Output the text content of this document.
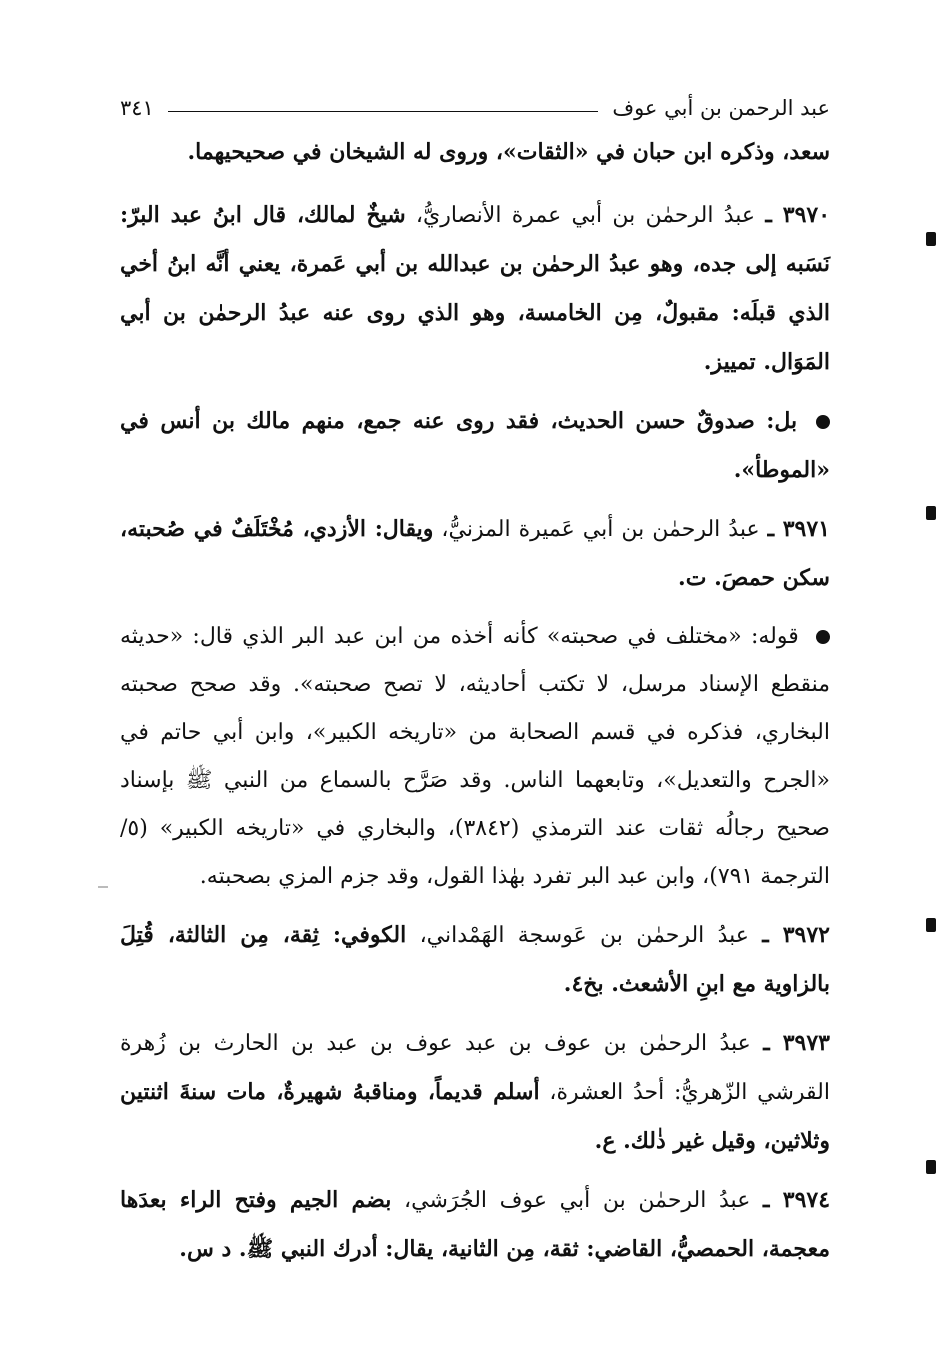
عبد الرحمن بن أبي عوف
٣٤١

سعد، وذكره ابن حبان في «الثقات»، وروى له الشيخان في صحيحيهما.

٣٩٧٠ ـ عبدُ الرحمٰن بن أبي عمرة الأنصاريُّ، شيخٌ لمالك، قال ابنُ عبد البرّ: نَسَبه إلى جده، وهو عبدُ الرحمٰن بن عبدالله بن أبي عَمرة، يعني أنَّه ابنُ أخي الذي قبلَه: مقبولٌ، مِن الخامسة، وهو الذي روى عنه عبدُ الرحمٰن بن أبي المَوَال. تمييز.

بل: صدوقٌ حسن الحديث، فقد روى عنه جمع، منهم مالك بن أنس في «الموطأ».

٣٩٧١ ـ عبدُ الرحمٰن بن أبي عَميرة المزنيُّ، ويقال: الأزدي، مُخْتَلَفٌ في صُحبته، سكن حمصَ. ت.

قوله: «مختلف في صحبته» كأنه أخذه من ابن عبد البر الذي قال: «حديثه منقطع الإسناد مرسل، لا تكتب أحاديثه، لا تصح صحبته». وقد صحح صحبته البخاري، فذكره في قسم الصحابة من «تاريخه الكبير»، وابن أبي حاتم في «الجرح والتعديل»، وتابعهما الناس. وقد صَرَّح بالسماع من النبي ﷺ بإسناد صحيح رجالُه ثقات عند الترمذي (٣٨٤٢)، والبخاري في «تاريخه الكبير» (٥/ الترجمة ٧٩١)، وابن عبد البر تفرد بهٰذا القول، وقد جزم المزي بصحبته.

٣٩٧٢ ـ عبدُ الرحمٰن بن عَوسجة الهَمْداني، الكوفي: ثِقة، مِن الثالثة، قُتِلَ بالزاوية مع ابنِ الأشعث. بخ٤.

٣٩٧٣ ـ عبدُ الرحمٰن بن عوف بن عبد عوف بن عبد بن الحارث بن زُهرة القرشي الزّهريُّ: أحدُ العشرة، أسلم قديماً، ومناقبهُ شهيرةٌ، مات سنةَ اثنتين وثلاثين، وقيل غير ذٰلك. ع.

٣٩٧٤ ـ عبدُ الرحمٰن بن أبي عوف الجُرَشي، بضم الجيم وفتح الراء بعدَها معجمة، الحمصيُّ، القاضي: ثقة، مِن الثانية، يقال: أدرك النبي ﷺ. د س.
